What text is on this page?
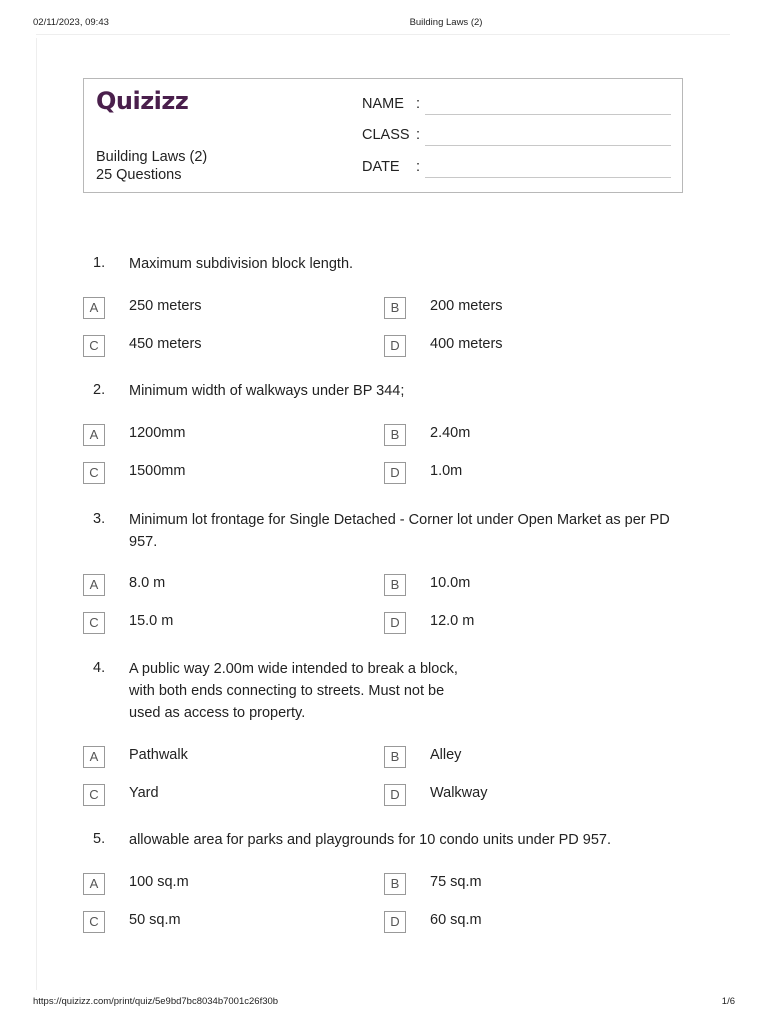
02/11/2023, 09:43	Building Laws (2)
Quizizz
Building Laws (2)
25 Questions
NAME :
CLASS :
DATE :
1. Maximum subdivision block length.
A	250 meters	B	200 meters
C	450 meters	D	400 meters
2. Minimum width of walkways under BP 344;
A	1200mm	B	2.40m
C	1500mm	D	1.0m
3. Minimum lot frontage for Single Detached - Corner lot under Open Market as per PD 957.
A	8.0 m	B	10.0m
C	15.0 m	D	12.0 m
4. A public way 2.00m wide intended to break a block, with both ends connecting to streets. Must not be used as access to property.
A	Pathwalk	B	Alley
C	Yard	D	Walkway
5. allowable area for parks and playgrounds for 10 condo units under PD 957.
A	100 sq.m	B	75 sq.m
C	50 sq.m	D	60 sq.m
https://quizizz.com/print/quiz/5e9bd7bc8034b7001c26f30b	1/6
